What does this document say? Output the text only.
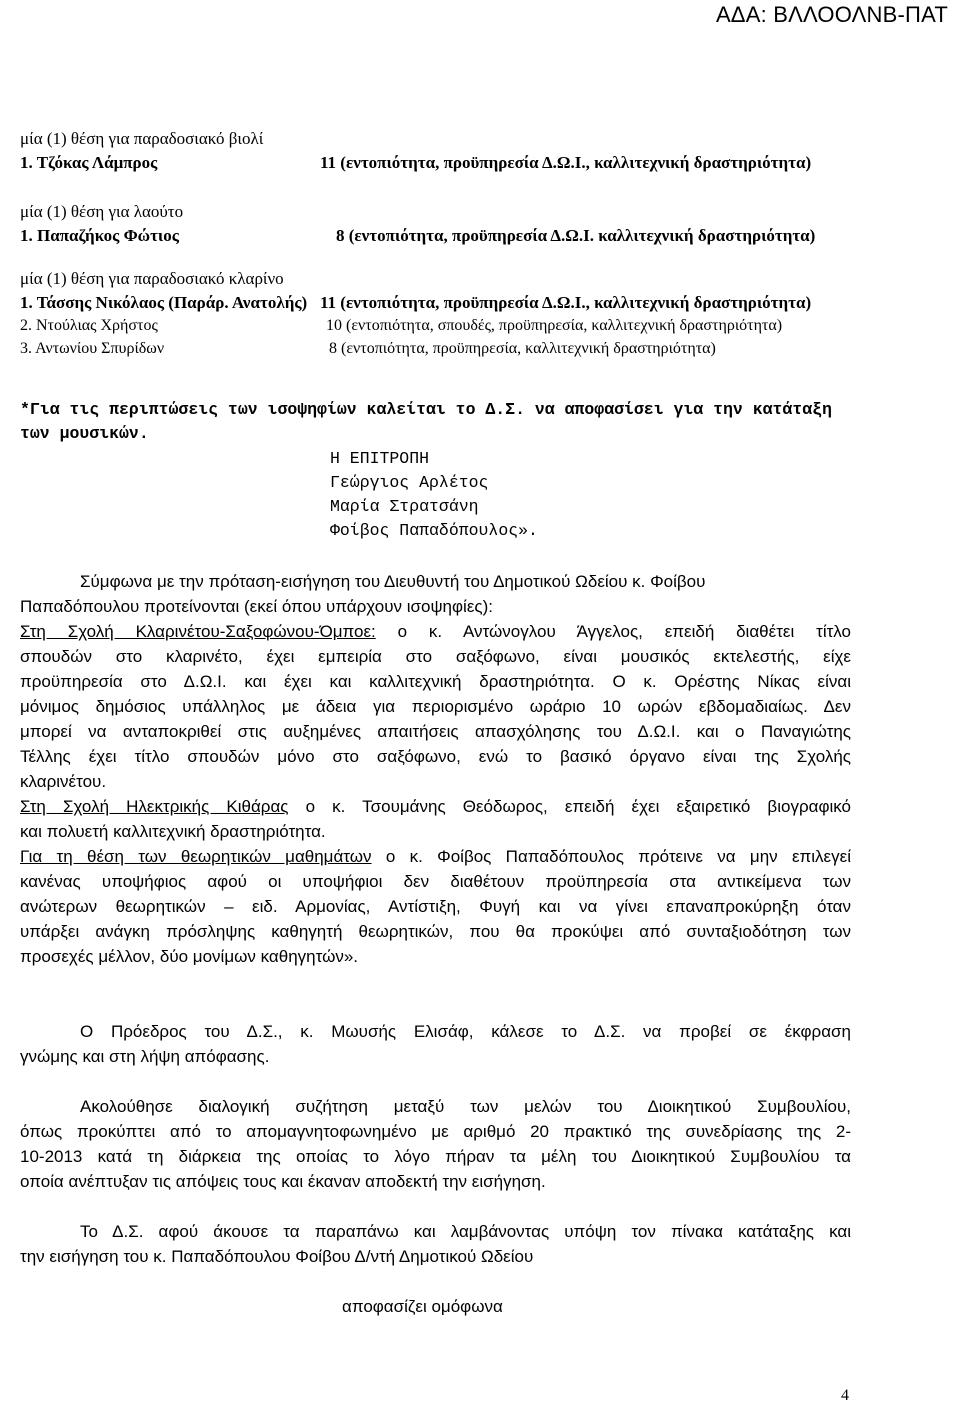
ΑΔΑ: ΒΛΛΟΟΛΝΒ-ΠΑΤ
μία (1) θέση για παραδοσιακό βιολί
1. Τζόκας Λάμπρος	11 (εντοπιότητα, προϋπηρεσία Δ.Ω.Ι., καλλιτεχνική δραστηριότητα)
μία (1) θέση για λαούτο
1. Παπαζήκος Φώτιος	8 (εντοπιότητα, προϋπηρεσία Δ.Ω.Ι. καλλιτεχνική δραστηριότητα)
μία (1) θέση για παραδοσιακό κλαρίνο
1. Τάσσης Νικόλαος (Παράρ. Ανατολής) 11 (εντοπιότητα, προϋπηρεσία Δ.Ω.Ι., καλλιτεχνική δραστηριότητα)
2. Ντούλιας Χρήστος	10 (εντοπιότητα, σπουδές, προϋπηρεσία, καλλιτεχνική δραστηριότητα)
3. Αντωνίου Σπυρίδων	8 (εντοπιότητα, προϋπηρεσία, καλλιτεχνική δραστηριότητα)
*Για τις περιπτώσεις των ισοψηφίων καλείται το Δ.Σ. να αποφασίσει για την κατάταξη
των μουσικών.
Η ΕΠΙΤΡΟΠΗ
Γεώργιος Αρλέτος
Μαρία Στρατσάνη
Φοίβος Παπαδόπουλος».
Σύμφωνα με την πρόταση-εισήγηση του Διευθυντή του Δημοτικού Ωδείου κ. Φοίβου
Παπαδόπουλου προτείνονται (εκεί όπου υπάρχουν ισοψηφίες):
Στη Σχολή Κλαρινέτου-Σαξοφώνου-Όμποε: ο κ. Αντώνογλου Άγγελος, επειδή διαθέτει τίτλο
σπουδών στο κλαρινέτο, έχει εμπειρία στο σαξόφωνο, είναι μουσικός εκτελεστής, είχε
προϋπηρεσία στο Δ.Ω.Ι. και έχει και καλλιτεχνική δραστηριότητα. Ο κ. Ορέστης Νίκας είναι
μόνιμος δημόσιος υπάλληλος με άδεια για περιορισμένο ωράριο 10 ωρών εβδομαδιαίως. Δεν
μπορεί να ανταποκριθεί στις αυξημένες απαιτήσεις απασχόλησης του Δ.Ω.Ι. και ο Παναγιώτης
Τέλλης έχει τίτλο σπουδών μόνο στο σαξόφωνο, ενώ το βασικό όργανο είναι της Σχολής
κλαρινέτου.
Στη Σχολή Ηλεκτρικής Κιθάρας ο κ. Τσουμάνης Θεόδωρος, επειδή έχει εξαιρετικό βιογραφικό
και πολυετή καλλιτεχνική δραστηριότητα.
Για τη θέση των θεωρητικών μαθημάτων ο κ. Φοίβος Παπαδόπουλος πρότεινε να μην επιλεγεί
κανένας υποψήφιος αφού οι υποψήφιοι δεν διαθέτουν προϋπηρεσία στα αντικείμενα των
ανώτερων θεωρητικών – ειδ. Αρμονίας, Αντίστιξη, Φυγή και να γίνει επαναπροκύρηξη όταν
υπάρξει ανάγκη πρόσληψης καθηγητή θεωρητικών, που θα προκύψει από συνταξιοδότηση των
προσεχές μέλλον, δύο μονίμων καθηγητών».
Ο Πρόεδρος του Δ.Σ., κ. Μωυσής Ελισάφ, κάλεσε το Δ.Σ. να προβεί σε έκφραση
γνώμης και στη λήψη απόφασης.
Ακολούθησε διαλογική συζήτηση μεταξύ των μελών του Διοικητικού Συμβουλίου,
όπως προκύπτει από το απομαγνητοφωνημένο με αριθμό 20 πρακτικό της συνεδρίασης της 2-
10-2013 κατά τη διάρκεια της οποίας το λόγο πήραν τα μέλη του Διοικητικού Συμβουλίου τα
οποία ανέπτυξαν τις απόψεις τους και έκαναν αποδεκτή την εισήγηση.
Το Δ.Σ. αφού άκουσε τα παραπάνω και λαμβάνοντας υπόψη τον πίνακα κατάταξης και
την εισήγηση του κ. Παπαδόπουλου Φοίβου Δ/ντή Δημοτικού Ωδείου
αποφασίζει ομόφωνα
4
